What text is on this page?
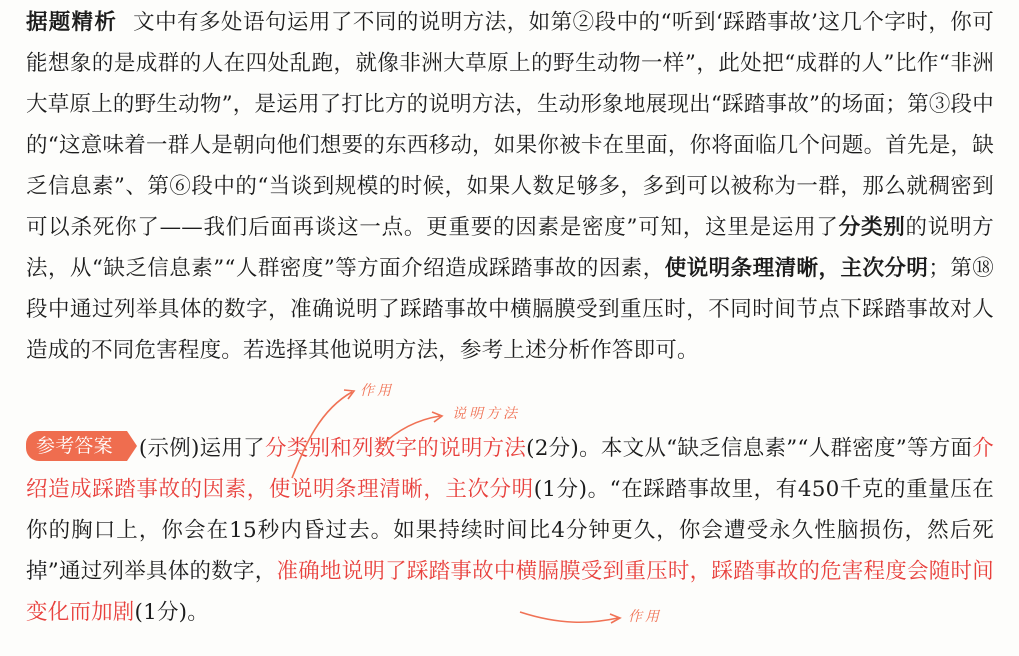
据题精析 文中有多处语句运用了不同的说明方法，如第②段中的“听到‘踩踏事故’这几个字时，你可能想象的是成群的人在四处乱跑，就像非洲大草原上的野生动物一样”，此处把“成群的人”比作“非洲大草原上的野生动物”，是运用了打比方的说明方法，生动形象地展现出“踩踏事故”的场面；第③段中的“这意味着一群人是朝向他们想要的东西移动，如果你被卡在里面，你将面临几个问题。首先是，缺乏信息素”、第⑥段中的“当谈到规模的时候，如果人数足够多，多到可以被称为一群，那么就稠密到可以杀死你了——我们后面再谈这一点。更重要的因素是密度”可知，这里是运用了分类别的说明方法，从“缺乏信息素”“人群密度”等方面介绍造成踩踏事故的因素，使说明条理清晰，主次分明；第⑱段中通过列举具体的数字，准确说明了踩踏事故中横膈膜受到重压时，不同时间节点下踩踏事故对人造成的不同危害程度。若选择其他说明方法，参考上述分析作答即可。

参考答案 (示例)运用了分类别和列数字的说明方法(2分)。本文从“缺乏信息素”“人群密度”等方面介绍造成踩踏事故的因素，使说明条理清晰，主次分明(1分)。“在踩踏事故里，有450千克的重量压在你的胸口上，你会在15秒内昏过去。如果持续时间比4分钟更久，你会遭受永久性脑损伤，然后死掉”通过列举具体的数字，准确地说明了踩踏事故中横膈膜受到重压时，踩踏事故的危害程度会随时间变化而加剧(1分)。

作用
说明方法
作用
